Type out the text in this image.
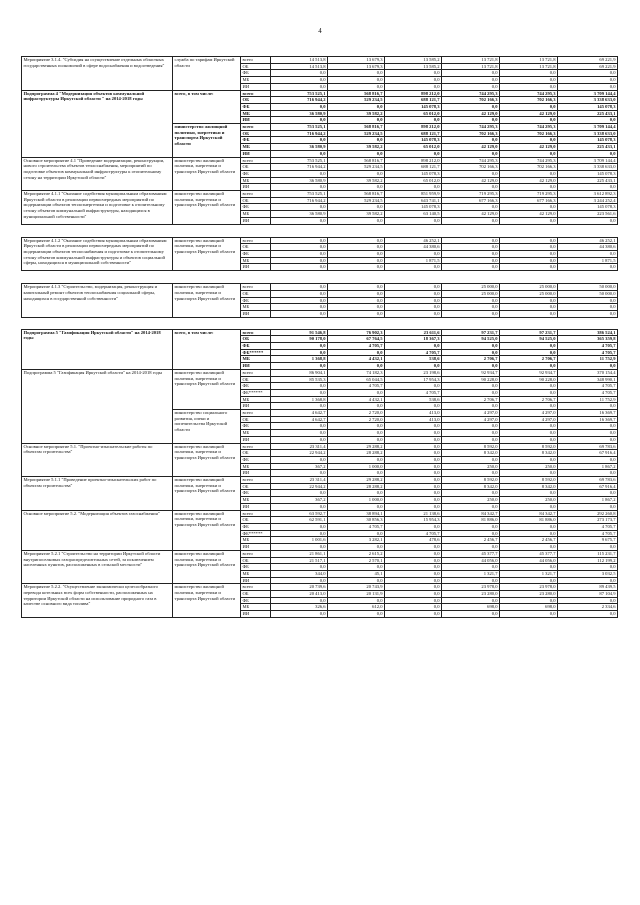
4
Мероприятие 3.1.4. "Субсидия на осуществление отдельных областных государственных полномочий в сфере водоснабжения и водоотведения"	служба по тарифам Иркутской области	всего	14 513,8	13 679,3	13 585,2	13 721,8	13 721,8	69 221,9
		ОБ	14 513,8	13 679,3	13 585,2	13 721,8	13 721,8	69 221,9
		ФБ	0,0	0,0	0,0	0,0	0,0	0,0
		МБ	0,0	0,0	0,0	0,0	0,0	0,0
		ИИ	0,0	0,0	0,0	0,0	0,0	0,0
Подпрограмма 4 "Модернизация объектов коммунальной инфраструктуры Иркутской области " на 2014-2018 годы	всего, в том числе:	всего	753 525,1	568 816,7	898 212,0	744 295,3	744 295,3	3 709 144,4
		ОБ	716 944,2	529 234,5	688 121,7	702 166,3	702 166,3	3 338 633,0
		ФБ	0,0	0,0	145 078,3	0,0	0,0	145 078,3
		МБ	36 580,9	39 582,2	65 012,0	42 129,0	42 129,0	225 433,1
		ИИ	0,0	0,0	0,0	0,0	0,0	0,0
	министерство жилищной политики, энергетики и транспорта Иркутской области	всего	753 525,1	568 816,7	898 212,0	744 295,3	744 295,3	3 709 144,4
		ОБ	716 944,2	529 234,5	688 121,7	702 166,3	702 166,3	3 338 633,0
		ФБ	0,0	0,0	145 078,3	0,0	0,0	145 078,3
		МБ	36 580,9	39 582,2	65 012,0	42 129,0	42 129,0	225 433,1
		ИИ	0,0	0,0	0,0	0,0	0,0	0,0
Основное мероприятие 4.1 "Проведение модернизации, реконструкции, нового строительства объектов теплоснабжения, мероприятий по подготовке объектов коммунальной инфраструктуры к отопительному сезону на территории Иркутской области"	министерство жилищной политики, энергетики и транспорта Иркутской области	всего	753 525,1	568 816,7	898 212,0	744 295,3	744 295,3	3 709 144,4
		ОБ	716 944,2	529 234,5	688 121,7	702 166,3	702 166,3	3 338 633,0
		ФБ	0,0	0,0	145 078,3	0,0	0,0	145 078,3
		МБ	36 580,9	39 582,2	65 012,0	42 129,0	42 129,0	225 433,1
		ИИ	0,0	0,0	0,0	0,0	0,0	0,0
Мероприятие 4.1.1 "Оказание содействия муниципальным образованиям Иркутской области в реализации первоочередных мероприятий по модернизации объектов теплоэнергетики и подготовке к отопительному сезону объектов коммунальной инфраструктуры, находящихся в муниципальной собственности"	министерство жилищной политики, энергетики и транспорта Иркутской области	всего	753 525,1	568 816,7	851 959,9	719 295,3	719 295,3	3 612 892,3
		ОБ	716 944,2	529 234,5	643 741,1	677 166,3	677 166,3	3 244 252,4
		ФБ	0,0	0,0	145 078,3	0,0	0,0	145 078,3
		МБ	36 580,9	39 582,2	63 140,5	42 129,0	42 129,0	223 561,6
		ИИ	0,0	0,0	0,0	0,0	0,0	0,0

Мероприятие 4.1.2 "Оказание содействия муниципальным образованиям Иркутской области в реализации первоочередных мероприятий по модернизации объектов теплоснабжения и подготовке к отопительному сезону объектов коммунальной инфраструктуры и объектов социальной сферы, находящихся в муниципальной собственности"	министерство жилищной политики, энергетики и транспорта Иркутской области	всего	0,0	0,0	46 252,1	0,0	0,0	46 252,1
		ОБ	0,0	0,0	44 380,6	0,0	0,0	44 380,6
		ФБ	0,0	0,0	0,0	0,0	0,0	0,0
		МБ	0,0	0,0	1 871,5	0,0	0,0	1 871,5
		ИИ	0,0	0,0	0,0	0,0	0,0	0,0

Мероприятие 4.1.3 "Строительство, модернизация, реконструкция и капитальный ремонт объектов теплоснабжения социальной сферы, находящихся в государственной собственности"	министерство жилищной политики, энергетики и транспорта Иркутской области	всего	0,0	0,0	0,0	25 000,0	25 000,0	50 000,0
		ОБ	0,0	0,0	0,0	25 000,0	25 000,0	50 000,0
		ФБ	0,0	0,0	0,0	0,0	0,0	0,0
		МБ	0,0	0,0	0,0	0,0	0,0	0,0
		ИИ	0,0	0,0	0,0	0,0	0,0	0,0

Подпрограмма 5 "Газификация Иркутской области" на 2014-2018 годы	всего, в том числе:	всего	91 546,8	76 902,3	23 611,6	97 231,7	97 231,7	386 524,1
		ОБ	90 178,0	67 764,5	18 367,3	94 525,0	94 525,0	365 359,8
		ФБ	0,0	4 705,7	0,0	0,0	0,0	4 705,7
		ФБ******	0,0	0,0	4 705,7	0,0	0,0	4 705,7
		МБ	1 368,8	4 432,1	538,6	2 706,7	2 706,7	11 752,9
		ИИ	0,0	0,0	0,0	0,0	0,0	0,0
Подпрограмма 5 "Газификация Иркутской области" на 2014-2018 годы	министерство жилищной политики, энергетики и транспорта Иркутской области	всего	86 904,1	74 182,3	23 198,6	92 934,7	92 934,7	370 154,4
		ОБ	85 535,3	65 044,5	17 954,3	90 228,0	90 228,0	348 990,1
		ФБ	0,0	4 705,7	0,0	0,0	0,0	4 705,7
		ФБ******	0,0	0,0	4 705,7	0,0	0,0	4 705,7
		МБ	1 368,8	4 432,1	538,6	2 706,7	2 706,7	11 752,9
		ИИ	0,0	0,0	0,0	0,0	0,0	0,0
	министерство социального развития, опеки и попечительства Иркутской области	всего	4 642,7	2 720,0	413,0	4 297,0	4 297,0	16 369,7
		ОБ	4 642,7	2 720,0	413,0	4 297,0	4 297,0	16 369,7
		ФБ	0,0	0,0	0,0	0,0	0,0	0,0
		МБ	0,0	0,0	0,0	0,0	0,0	0,0
		ИИ	0,0	0,0	0,0	0,0	0,0	0,0
Основное мероприятие 5.1. "Проектно-изыскательские работы по объектам строительства"	министерство жилищной политики, энергетики и транспорта Иркутской области	всего	23 311,4	29 288,2	0,0	8 592,0	8 592,0	69 783,6
		ОБ	22 944,2	28 288,2	0,0	8 342,0	8 342,0	67 916,4
		ФБ	0,0	0,0	0,0	0,0	0,0	0,0
		МБ	367,2	1 000,0	0,0	250,0	250,0	1 867,2
		ИИ	0,0	0,0	0,0	0,0	0,0	0,0
Мероприятие 5.1.1 "Проведение проектно-изыскательских работ по объектам строительства"	министерство жилищной политики, энергетики и транспорта Иркутской области	всего	23 311,4	29 288,2	0,0	8 592,0	8 592,0	69 783,6
		ОБ	22 944,2	28 288,2	0,0	8 342,0	8 342,0	67 916,4
		ФБ	0,0	0,0	0,0	0,0	0,0	0,0
		МБ	367,2	1 000,0	0,0	250,0	250,0	1 867,2
		ИИ	0,0	0,0	0,0	0,0	0,0	0,0
Основное мероприятие 5.2. "Модернизация объектов газоснабжения"	министерство жилищной политики, энергетики и транспорта Иркутской области	всего	63 592,7	38 894,1	21 138,6	84 342,7	84 342,7	292 260,8
		ОБ	62 591,1	30 856,3	15 954,3	81 886,0	81 886,0	273 173,7
		ФБ	0,0	4 705,7	0,0	0,0	0,0	4 705,7
		ФБ******	0,0	0,0	4 705,7	0,0	0,0	4 705,7
		МБ	1 001,6	3 282,1	478,6	2 456,7	2 456,7	9 675,7
		ИИ	0,0	0,0	0,0	0,0	0,0	0,0
Мероприятие 5.2.1 "Строительство на территории Иркутской области внутрипоселковых газораспределительных сетей, за исключением населенных пунктов, расположенных в сельской местности"	министерство жилищной политики, энергетики и транспорта Иркутской области	всего	21 861,1	2 615,2	0,0	45 377,7	45 377,7	115 231,7
		ОБ	21 517,1	2 570,1	0,0	44 056,0	44 056,0	112 199,2
		ФБ	0,0	0,0	0,0	0,0	0,0	0,0
		МБ	344,0	45,1	0,0	1 321,7	1 321,7	3 032,5
		ИИ	0,0	0,0	0,0	0,0	0,0	0,0
Мероприятие 5.2.2. "Осуществление экономически целесообразного перевода котельных всех форм собственности, расположенных на территории Иркутской области на использование природного газа в качестве основного вида топлива"	министерство жилищной политики, энергетики и транспорта Иркутской области	всего	20 739,6	20 743,9	0,0	23 978,0	23 978,0	89 439,5
		ОБ	20 413,0	20 131,9	0,0	23 280,0	23 280,0	87 104,9
		ФБ	0,0	0,0	0,0	0,0	0,0	0,0
		МБ	326,6	612,0	0,0	698,0	698,0	2 334,6
		ИИ	0,0	0,0	0,0	0,0	0,0	0,0
